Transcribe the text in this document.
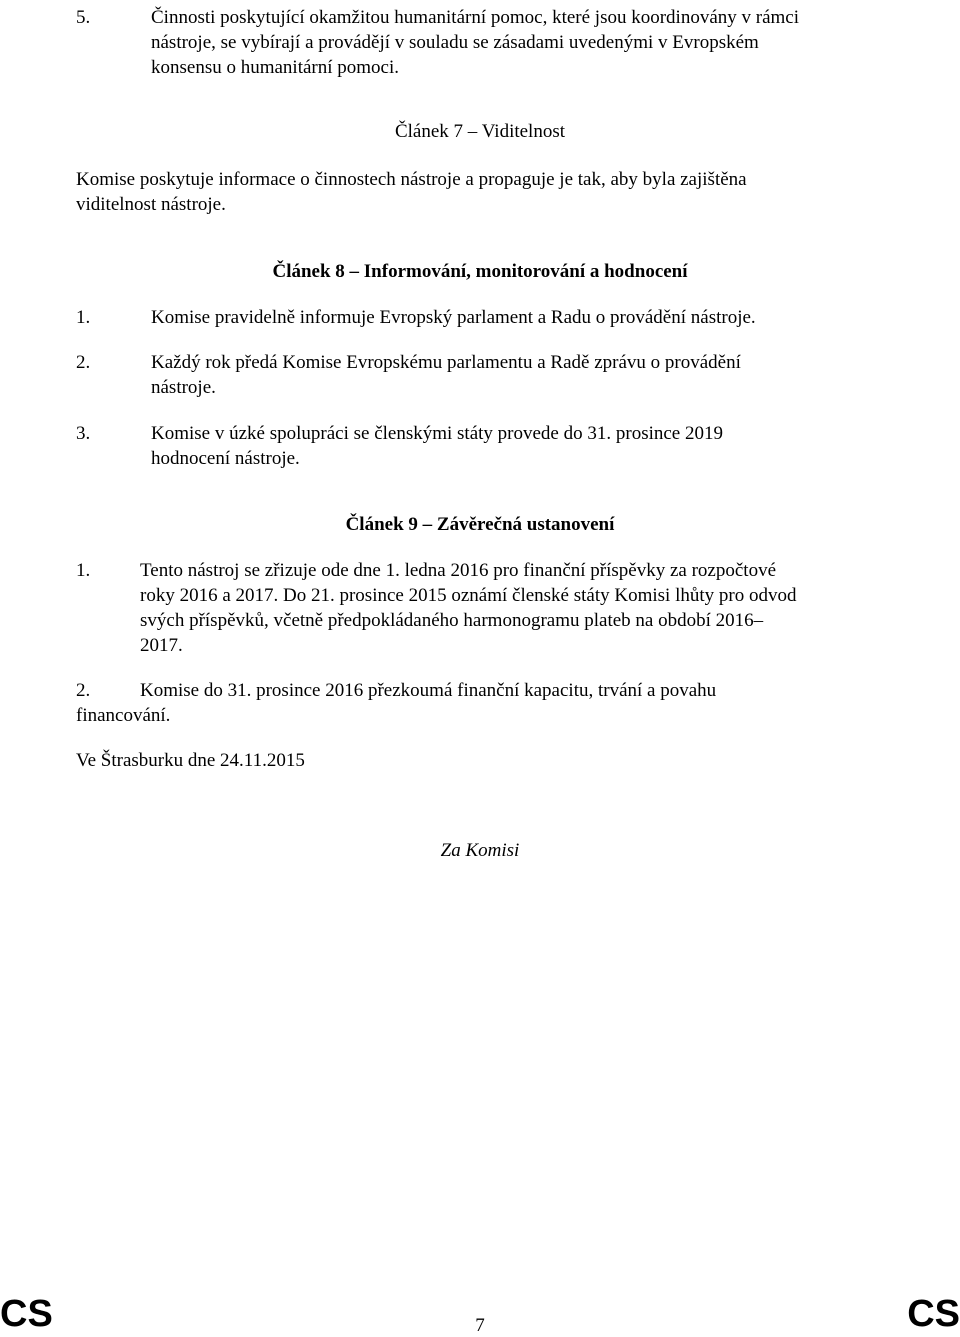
5.	Činnosti poskytující okamžitou humanitární pomoc, které jsou koordinovány v rámci
nástroje, se vybírají a provádějí v souladu se zásadami uvedenými v Evropském
konsensu o humanitární pomoci.
Článek 7 – Viditelnost
Komise poskytuje informace o činnostech nástroje a propaguje je tak, aby byla zajištěna
viditelnost nástroje.
Článek 8 – Informování, monitorování a hodnocení
1.	Komise pravidelně informuje Evropský parlament a Radu o provádění nástroje.
2.	Každý rok předá Komise Evropskému parlamentu a Radě zprávu o provádění
nástroje.
3.	Komise v úzké spolupráci se členskými státy provede do 31. prosince 2019
hodnocení nástroje.
Článek 9 – Závěrečná ustanovení
1.	Tento nástroj se zřizuje ode dne 1. ledna 2016 pro finanční příspěvky za rozpočtové
roky 2016 a 2017. Do 21. prosince 2015 oznámí členské státy Komisi lhůty pro odvod
svých příspěvků, včetně předpokládaného harmonogramu plateb na období 2016–
2017.
2.	Komise do 31. prosince 2016 přezkoumá finanční kapacitu, trvání a povahu
financování.
Ve Štrasburku dne 24.11.2015
Za Komisi
CS	7	CS
